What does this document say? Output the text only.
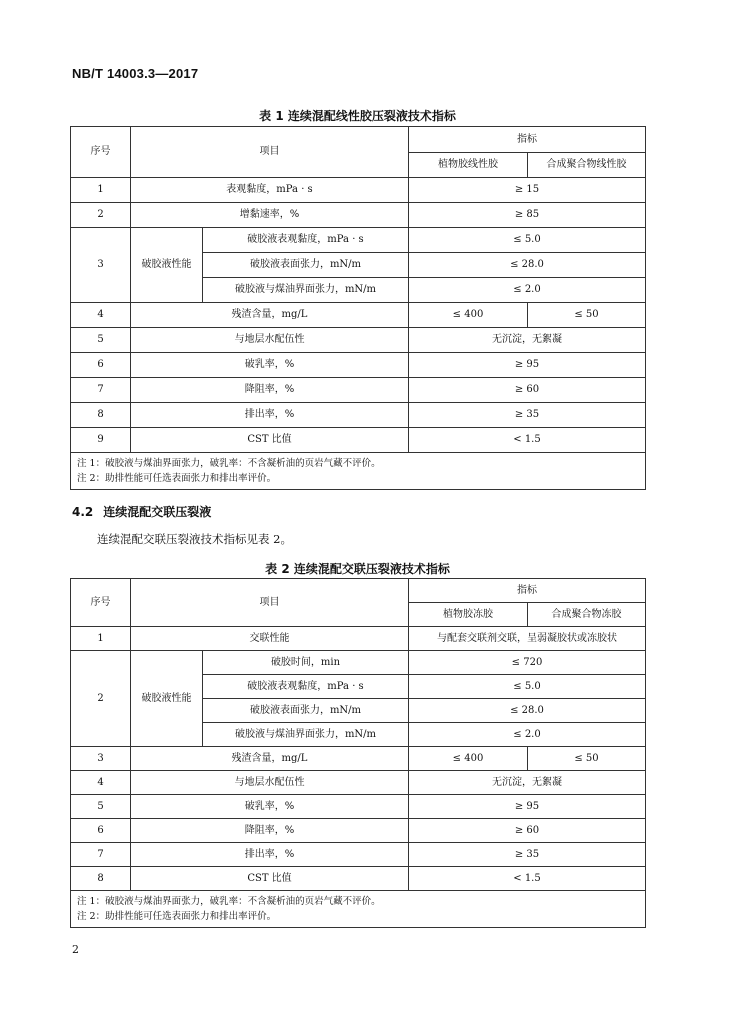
NB/T 14003.3—2017
表 1 连续混配线性胶压裂液技术指标
序号	项目		指标	
			植物胶线性胶	合成聚合物线性胶
1	表观黏度，mPa · s		≥ 15	
2	增黏速率，%		≥ 85	
3	破胶液性能	破胶液表观黏度，mPa · s	≤ 5.0	
		破胶液表面张力，mN/m	≤ 28.0	
		破胶液与煤油界面张力，mN/m	≤ 2.0	
4	残渣含量，mg/L		≤ 400	≤ 50
5	与地层水配伍性		无沉淀，无絮凝	
6	破乳率，%		≥ 95	
7	降阻率，%		≥ 60	
8	排出率，%		≥ 35	
9	CST 比值		< 1.5	

注 1：破胶液与煤油界面张力，破乳率：不含凝析油的页岩气藏不评价。
注 2：助排性能可任选表面张力和排出率评价。				
4.2 连续混配交联压裂液
连续混配交联压裂液技术指标见表 2。
表 2 连续混配交联压裂液技术指标
序号	项目		指标	
			植物胶冻胶	合成聚合物冻胶
1	交联性能		与配套交联剂交联，呈弱凝胶状或冻胶状	
2	破胶液性能	破胶时间，min	≤ 720	
		破胶液表观黏度，mPa · s	≤ 5.0	
		破胶液表面张力，mN/m	≤ 28.0	
		破胶液与煤油界面张力，mN/m	≤ 2.0	
3	残渣含量，mg/L		≤ 400	≤ 50
4	与地层水配伍性		无沉淀，无絮凝	
5	破乳率，%		≥ 95	
6	降阻率，%		≥ 60	
7	排出率，%		≥ 35	
8	CST 比值		< 1.5	

注 1：破胶液与煤油界面张力，破乳率：不含凝析油的页岩气藏不评价。
注 2：助排性能可任选表面张力和排出率评价。				
2
